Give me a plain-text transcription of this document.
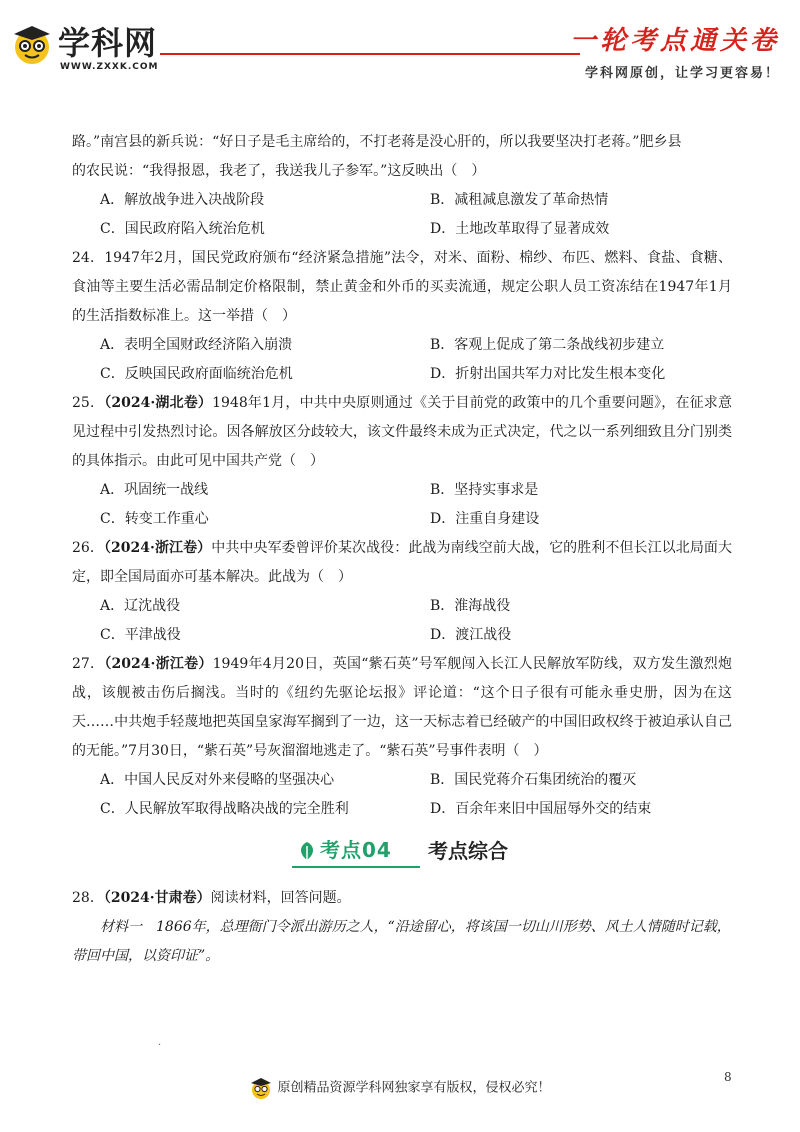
学科网
WWW.ZXXK.COM
一轮考点通关卷
学科网原创，让学习更容易！

路。”南宫县的新兵说：“好日子是毛主席给的，不打老蒋是没心肝的，所以我要坚决打老蒋。”肥乡县

的农民说：“我得报恩，我老了，我送我儿子参军。”这反映出（　）

A．解放战争进入决战阶段	B．减租减息激发了革命热情
C．国民政府陷入统治危机	D．土地改革取得了显著成效

24．1947年2月，国民党政府颁布“经济紧急措施”法令，对米、面粉、棉纱、布匹、燃料、食盐、食糖、食油等主要生活必需品制定价格限制，禁止黄金和外币的买卖流通，规定公职人员工资冻结在1947年1月的生活指数标准上。这一举措（　）

A．表明全国财政经济陷入崩溃	B．客观上促成了第二条战线初步建立
C．反映国民政府面临统治危机	D．折射出国共军力对比发生根本变化

25．（2024·湖北卷）1948年1月，中共中央原则通过《关于目前党的政策中的几个重要问题》，在征求意见过程中引发热烈讨论。因各解放区分歧较大，该文件最终未成为正式决定，代之以一系列细致且分门别类的具体指示。由此可见中国共产党（　）

A．巩固统一战线	B．坚持实事求是
C．转变工作重心	D．注重自身建设

26．（2024·浙江卷）中共中央军委曾评价某次战役：此战为南线空前大战，它的胜利不但长江以北局面大定，即全国局面亦可基本解决。此战为（　）

A．辽沈战役	B．淮海战役
C．平津战役	D．渡江战役

27．（2024·浙江卷）1949年4月20日，英国“紫石英”号军舰闯入长江人民解放军防线，双方发生激烈炮战，该舰被击伤后搁浅。当时的《纽约先驱论坛报》评论道：“这个日子很有可能永垂史册，因为在这天……中共炮手轻蔑地把英国皇家海军搁到了一边，这一天标志着已经破产的中国旧政权终于被迫承认自己的无能。”7月30日，“紫石英”号灰溜溜地逃走了。“紫石英”号事件表明（　）

A．中国人民反对外来侵略的坚强决心	B．国民党蒋介石集团统治的覆灭
C．人民解放军取得战略决战的完全胜利	D．百余年来旧中国屈辱外交的结束
考点04 考点综合

28．（2024·甘肃卷）阅读材料，回答问题。

材料一　1866年，总理衙门令派出游历之人，“沿途留心，将该国一切山川形势、风土人情随时记载，带回中国，以资印证”。

·
8
原创精品资源学科网独家享有版权，侵权必究！
